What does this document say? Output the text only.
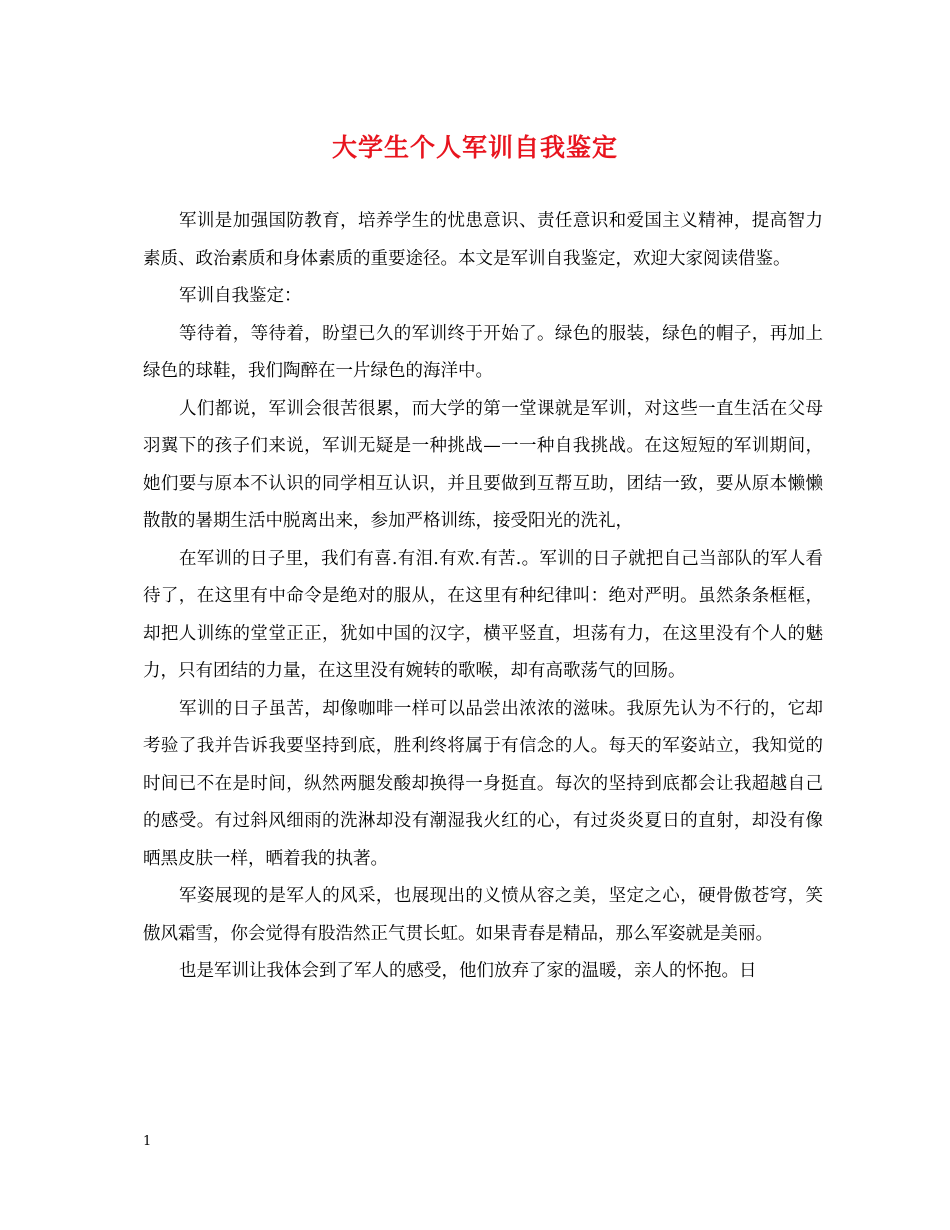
大学生个人军训自我鉴定

军训是加强国防教育，培养学生的忧患意识、责任意识和爱国主义精神，提高智力素质、政治素质和身体素质的重要途径。本文是军训自我鉴定，欢迎大家阅读借鉴。

军训自我鉴定：

等待着，等待着，盼望已久的军训终于开始了。绿色的服装，绿色的帽子，再加上绿色的球鞋，我们陶醉在一片绿色的海洋中。

人们都说，军训会很苦很累，而大学的第一堂课就是军训，对这些一直生活在父母羽翼下的孩子们来说，军训无疑是一种挑战—一一种自我挑战。在这短短的军训期间，她们要与原本不认识的同学相互认识，并且要做到互帮互助，团结一致，要从原本懒懒散散的暑期生活中脱离出来，参加严格训练，接受阳光的洗礼，

在军训的日子里，我们有喜.有泪.有欢.有苦.。军训的日子就把自己当部队的军人看待了，在这里有中命令是绝对的服从，在这里有种纪律叫：绝对严明。虽然条条框框，却把人训练的堂堂正正，犹如中国的汉字，横平竖直，坦荡有力，在这里没有个人的魅力，只有团结的力量，在这里没有婉转的歌喉，却有高歌荡气的回肠。

军训的日子虽苦，却像咖啡一样可以品尝出浓浓的滋味。我原先认为不行的，它却考验了我并告诉我要坚持到底，胜利终将属于有信念的人。每天的军姿站立，我知觉的时间已不在是时间，纵然两腿发酸却换得一身挺直。每次的坚持到底都会让我超越自己的感受。有过斜风细雨的洗淋却没有潮湿我火红的心，有过炎炎夏日的直射，却没有像晒黑皮肤一样，晒着我的执著。

军姿展现的是军人的风采，也展现出的义愤从容之美，坚定之心，硬骨傲苍穹，笑傲风霜雪，你会觉得有股浩然正气贯长虹。如果青春是精品，那么军姿就是美丽。

也是军训让我体会到了军人的感受，他们放弃了家的温暖，亲人的怀抱。日

1
